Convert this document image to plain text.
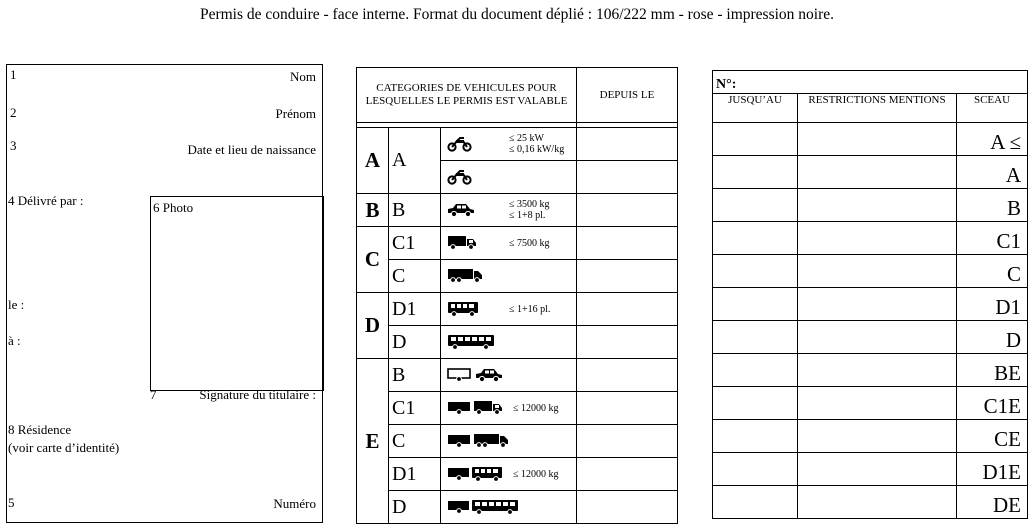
Permis de conduire - face interne. Format du document déplié : 106/222 mm - rose - impression noire.
1	Nom
2	Prénom
3	Date et lieu de naissance
4 Délivré par :	6 Photo
le :
à :
7	Signature du titulaire :
8 Résidence
(voir carte d’identité)
5	Numéro
CATEGORIES DE VEHICULES POUR LESQUELLES LE PERMIS EST VALABLE			DEPUIS LE

A	A	≤ 25 kW
≤ 0,16 kW/kg	

B	B	≤ 3500 kg
≤ 1+8 pl.	

C	C1	≤ 7500 kg	

	C	

D	D1	≤ 1+16 pl.	

	D	

E	B	

	C1	≤ 12000 kg	

	C	

	D1	≤ 12000 kg	

	D	

N°:		
JUSQU’AU	RESTRICTIONS MENTIONS	SCEAU
		A ≤
		A
		B
		C1
		C
		D1
		D
		BE
		C1E
		CE
		D1E
		DE
